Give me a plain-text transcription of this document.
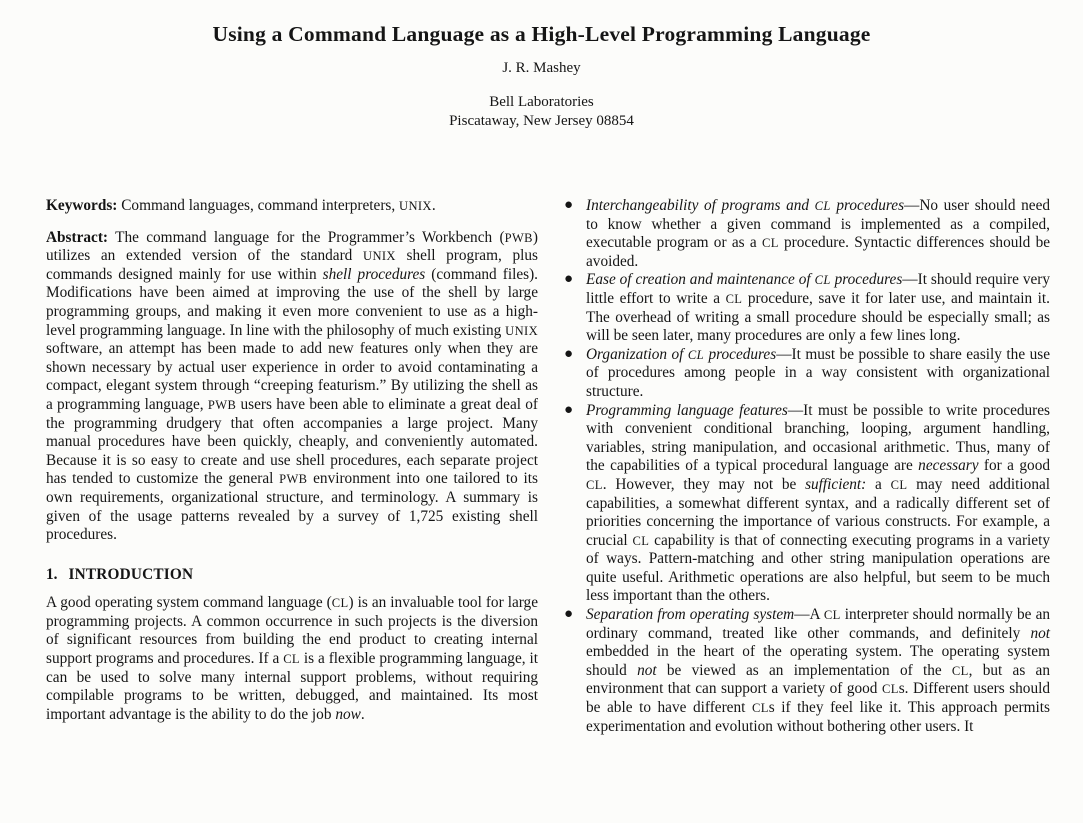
Using a Command Language as a High-Level Programming Language
J. R. Mashey
Bell Laboratories
Piscataway, New Jersey 08854

Keywords: Command languages, command interpreters, UNIX.

Abstract: The command language for the Programmer’s Workbench (PWB) utilizes an extended version of the standard UNIX shell program, plus commands designed mainly for use within shell procedures (command files). Modifications have been aimed at improving the use of the shell by large programming groups, and making it even more convenient to use as a high-level programming language. In line with the philosophy of much existing UNIX software, an attempt has been made to add new features only when they are shown necessary by actual user experience in order to avoid contaminating a compact, elegant system through “creeping featurism.” By utilizing the shell as a programming language, PWB users have been able to eliminate a great deal of the programming drudgery that often accompanies a large project. Many manual procedures have been quickly, cheaply, and conveniently automated. Because it is so easy to create and use shell procedures, each separate project has tended to customize the general PWB environment into one tailored to its own requirements, organizational structure, and terminology. A summary is given of the usage patterns revealed by a survey of 1,725 existing shell procedures.

1. INTRODUCTION

A good operating system command language (CL) is an invaluable tool for large programming projects. A common occurrence in such projects is the diversion of significant resources from building the end product to creating internal support programs and procedures. If a CL is a flexible programming language, it can be used to solve many internal support problems, without requiring compilable programs to be written, debugged, and maintained. Its most important advantage is the ability to do the job now.

● Interchangeability of programs and CL procedures—No user should need to know whether a given command is implemented as a compiled, executable program or as a CL procedure. Syntactic differences should be avoided.
● Ease of creation and maintenance of CL procedures—It should require very little effort to write a CL procedure, save it for later use, and maintain it. The overhead of writing a small procedure should be especially small; as will be seen later, many procedures are only a few lines long.
● Organization of CL procedures—It must be possible to share easily the use of procedures among people in a way consistent with organizational structure.
● Programming language features—It must be possible to write procedures with convenient conditional branching, looping, argument handling, variables, string manipulation, and occasional arithmetic. Thus, many of the capabilities of a typical procedural language are necessary for a good CL. However, they may not be sufficient: a CL may need additional capabilities, a somewhat different syntax, and a radically different set of priorities concerning the importance of various constructs. For example, a crucial CL capability is that of connecting executing programs in a variety of ways. Pattern-matching and other string manipulation operations are quite useful. Arithmetic operations are also helpful, but seem to be much less important than the others.
● Separation from operating system—A CL interpreter should normally be an ordinary command, treated like other commands, and definitely not embedded in the heart of the operating system. The operating system should not be viewed as an implementation of the CL, but as an environment that can support a variety of good CLs. Different users should be able to have different CLs if they feel like it. This approach permits experimentation and evolution without bothering other users. It
